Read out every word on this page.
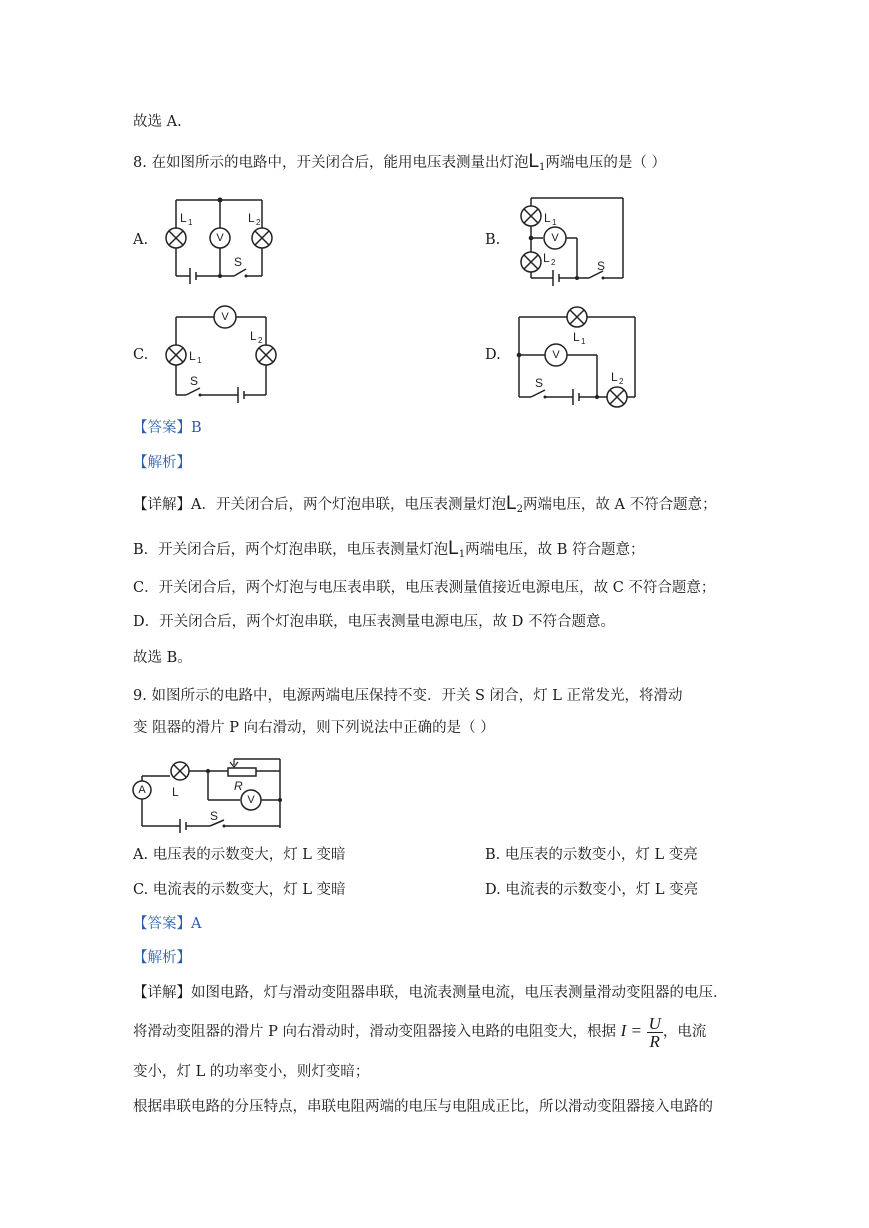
故选 A.
8. 在如图所示的电路中，开关闭合后，能用电压表测量出灯泡$L_1$两端电压的是（ ）
A.	V
L 1	L 2
S
B.
L 1
V
L 2	S
C.
V
L 1
L 2
S
D.
L 1
V
S	L 2
【答案】B
【解析】
【详解】A．开关闭合后，两个灯泡串联，电压表测量灯泡$L_2$两端电压，故 A 不符合题意；
B．开关闭合后，两个灯泡串联，电压表测量灯泡$L_1$两端电压，故 B 符合题意；
C．开关闭合后，两个灯泡与电压表串联，电压表测量值接近电源电压，故 C 不符合题意；
D．开关闭合后，两个灯泡串联，电压表测量电源电压，故 D 不符合题意。
故选 B。
9. 如图所示的电路中，电源两端电压保持不变．开关 S 闭合，灯 L 正常发光，将滑动
变 阻器的滑片 P 向右滑动，则下列说法中正确的是（ ）
A L	R
V
S
A. 电压表的示数变大，灯 L 变暗	B. 电压表的示数变小，灯 L 变亮
C. 电流表的示数变大，灯 L 变暗	D. 电流表的示数变小，灯 L 变亮
【答案】A
【解析】
【详解】如图电路，灯与滑动变阻器串联，电流表测量电流，电压表测量滑动变阻器的电压．
将滑动变阻器的滑片 P 向右滑动时，滑动变阻器接入电路的电阻变大，根据 $I = \frac{U}{R}$ ，电流
变小，灯 L 的功率变小，则灯变暗；
根据串联电路的分压特点，串联电阻两端的电压与电阻成正比，所以滑动变阻器接入电路的
